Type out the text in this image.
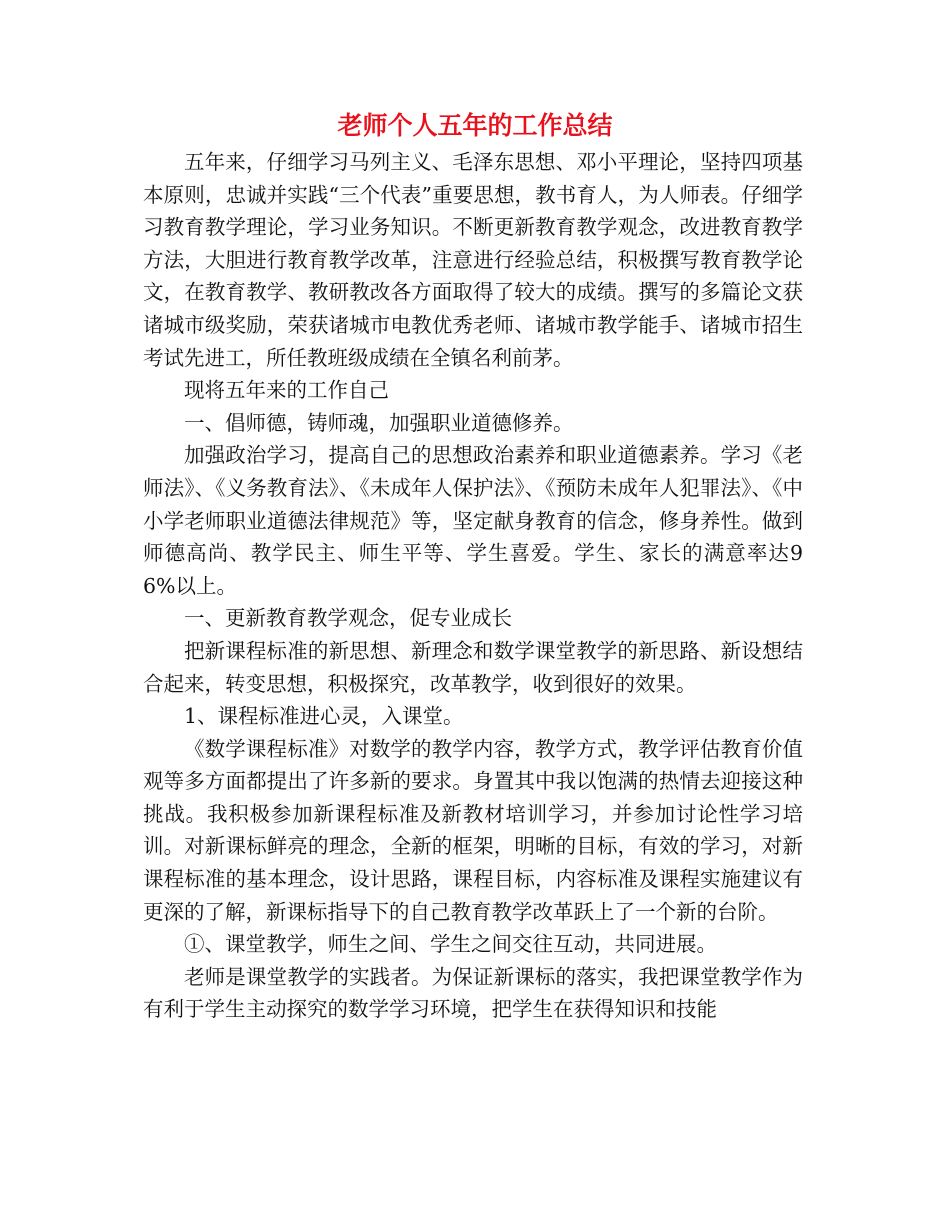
老师个人五年的工作总结

五年来，仔细学习马列主义、毛泽东思想、邓小平理论，坚持四项基本原则，忠诚并实践“三个代表”重要思想，教书育人，为人师表。仔细学习教育教学理论，学习业务知识。不断更新教育教学观念，改进教育教学方法，大胆进行教育教学改革，注意进行经验总结，积极撰写教育教学论文，在教育教学、教研教改各方面取得了较大的成绩。撰写的多篇论文获诸城市级奖励，荣获诸城市电教优秀老师、诸城市教学能手、诸城市招生考试先进工，所任教班级成绩在全镇名利前茅。

现将五年来的工作自己

一、倡师德，铸师魂，加强职业道德修养。

加强政治学习，提高自己的思想政治素养和职业道德素养。学习《老师法》、《义务教育法》、《未成年人保护法》、《预防未成年人犯罪法》、《中小学老师职业道德法律规范》等，坚定献身教育的信念，修身养性。做到师德高尚、教学民主、师生平等、学生喜爱。学生、家长的满意率达96%以上。

一、更新教育教学观念，促专业成长

把新课程标准的新思想、新理念和数学课堂教学的新思路、新设想结合起来，转变思想，积极探究，改革教学，收到很好的效果。

1、课程标准进心灵，入课堂。

《数学课程标准》对数学的教学内容，教学方式，教学评估教育价值观等多方面都提出了许多新的要求。身置其中我以饱满的热情去迎接这种挑战。我积极参加新课程标准及新教材培训学习，并参加讨论性学习培训。对新课标鲜亮的理念，全新的框架，明晰的目标，有效的学习，对新课程标准的基本理念，设计思路，课程目标，内容标准及课程实施建议有更深的了解，新课标指导下的自己教育教学改革跃上了一个新的台阶。

①、课堂教学，师生之间、学生之间交往互动，共同进展。

老师是课堂教学的实践者。为保证新课标的落实，我把课堂教学作为有利于学生主动探究的数学学习环境，把学生在获得知识和技能
